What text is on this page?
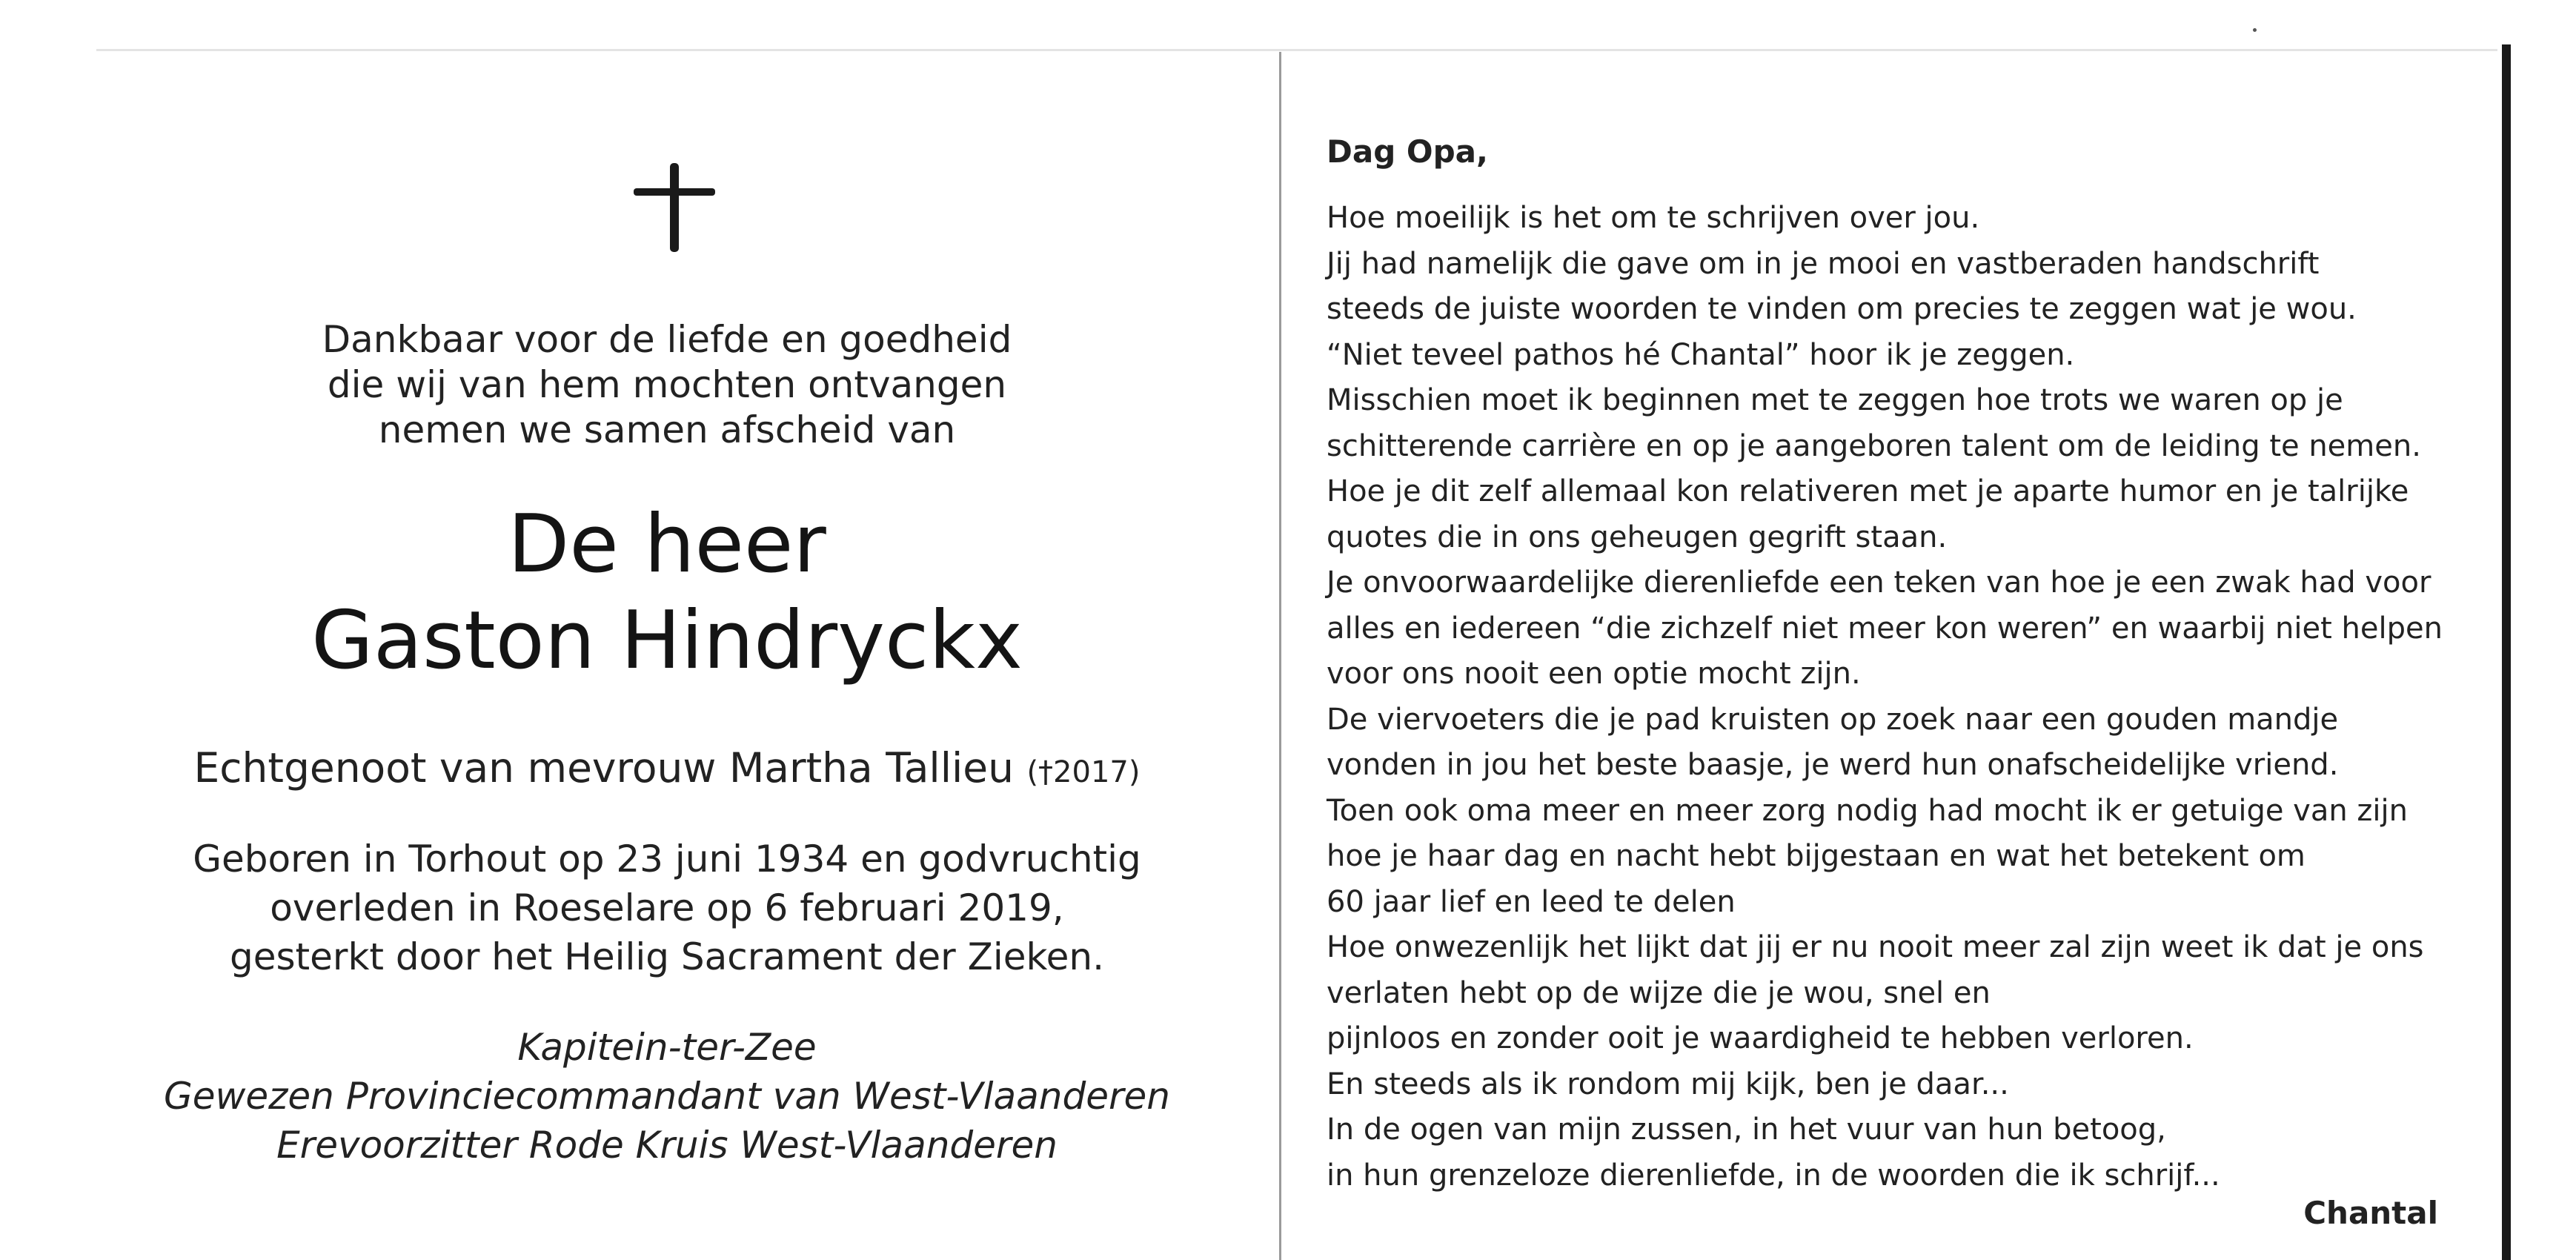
Dankbaar voor de liefde en goedheid
die wij van hem mochten ontvangen
nemen we samen afscheid van
De heer
Gaston Hindryckx
Echtgenoot van mevrouw Martha Tallieu (†2017)
Geboren in Torhout op 23 juni 1934 en godvruchtig
overleden in Roeselare op 6 februari 2019,
gesterkt door het Heilig Sacrament der Zieken.
Kapitein-ter-Zee
Gewezen Provinciecommandant van West-Vlaanderen
Erevoorzitter Rode Kruis West-Vlaanderen
Dag Opa,
Hoe moeilijk is het om te schrijven over jou.
Jij had namelijk die gave om in je mooi en vastberaden handschrift
steeds de juiste woorden te vinden om precies te zeggen wat je wou.
“Niet teveel pathos hé Chantal” hoor ik je zeggen.
Misschien moet ik beginnen met te zeggen hoe trots we waren op je
schitterende carrière en op je aangeboren talent om de leiding te nemen.
Hoe je dit zelf allemaal kon relativeren met je aparte humor en je talrijke
quotes die in ons geheugen gegrift staan.
Je onvoorwaardelijke dierenliefde een teken van hoe je een zwak had voor
alles en iedereen “die zichzelf niet meer kon weren” en waarbij niet helpen
voor ons nooit een optie mocht zijn.
De viervoeters die je pad kruisten op zoek naar een gouden mandje
vonden in jou het beste baasje, je werd hun onafscheidelijke vriend.
Toen ook oma meer en meer zorg nodig had mocht ik er getuige van zijn
hoe je haar dag en nacht hebt bijgestaan en wat het betekent om
60 jaar lief en leed te delen
Hoe onwezenlijk het lijkt dat jij er nu nooit meer zal zijn weet ik dat je ons
verlaten hebt op de wijze die je wou, snel en
pijnloos en zonder ooit je waardigheid te hebben verloren.
En steeds als ik rondom mij kijk, ben je daar...
In de ogen van mijn zussen, in het vuur van hun betoog,
in hun grenzeloze dierenliefde, in de woorden die ik schrijf...
Chantal
